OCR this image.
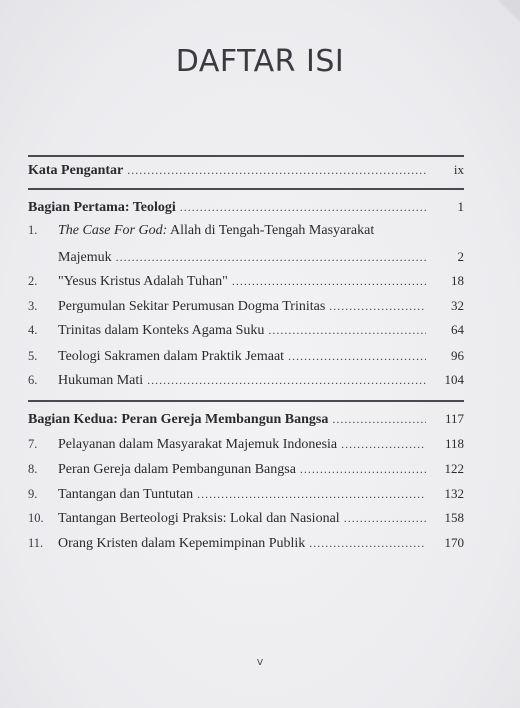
DAFTAR ISI
Kata Pengantar .....	ix
Bagian Pertama: Teologi .....	1
1.	The Case For God: Allah di Tengah-Tengah Masyarakat
Majemuk .....	2
2.	"Yesus Kristus Adalah Tuhan" .....	18
3.	Pergumulan Sekitar Perumusan Dogma Trinitas .....	32
4.	Trinitas dalam Konteks Agama Suku .....	64
5.	Teologi Sakramen dalam Praktik Jemaat .....	96
6.	Hukuman Mati .....	104
Bagian Kedua: Peran Gereja Membangun Bangsa .....	117
7.	Pelayanan dalam Masyarakat Majemuk Indonesia .....	118
8.	Peran Gereja dalam Pembangunan Bangsa .....	122
9.	Tantangan dan Tuntutan .....	132
10.	Tantangan Berteologi Praksis: Lokal dan Nasional .....	158
11.	Orang Kristen dalam Kepemimpinan Publik .....	170
v
